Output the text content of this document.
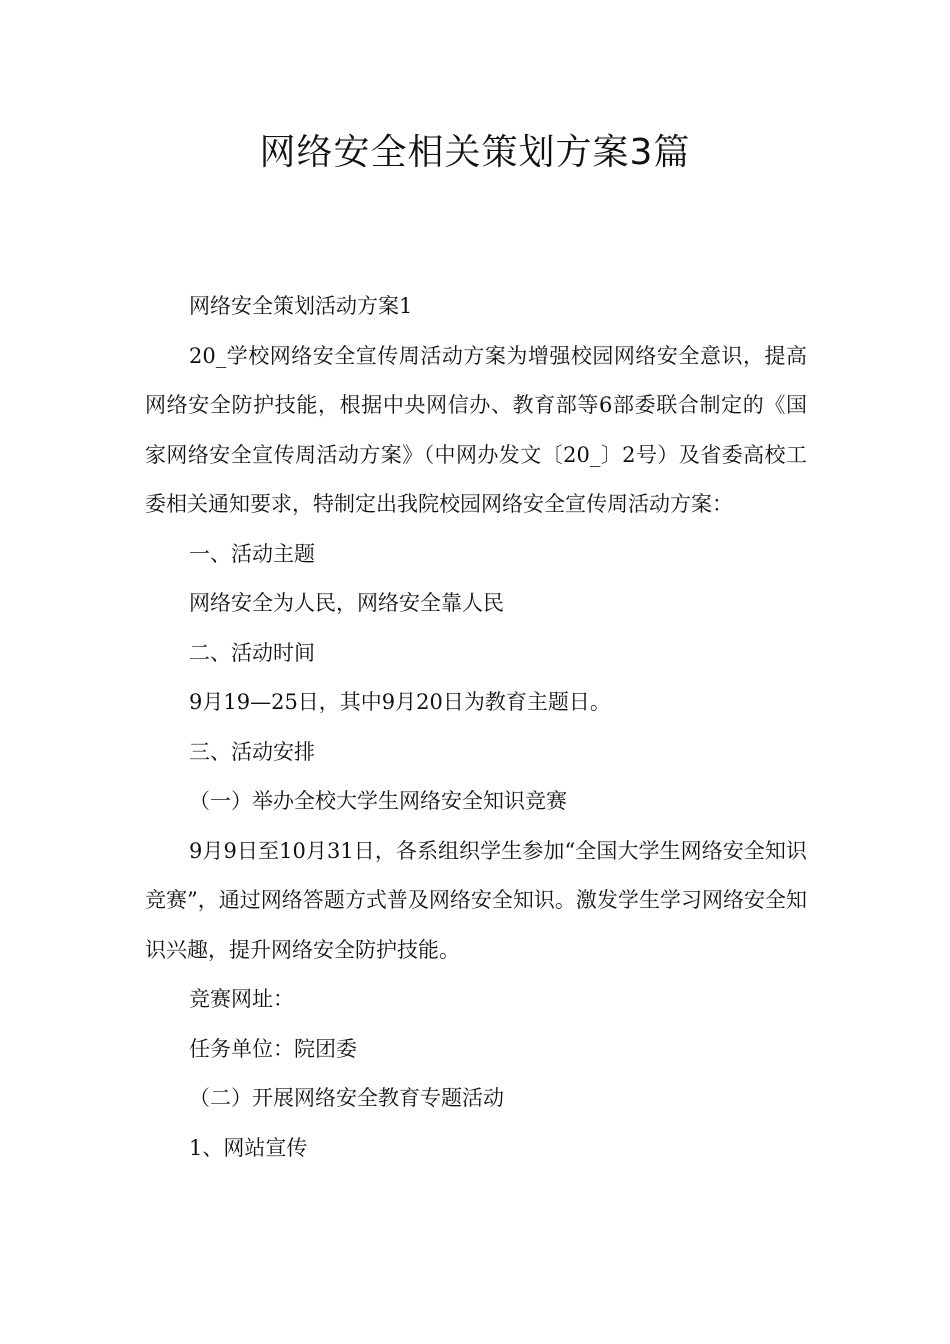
网络安全相关策划方案3篇

网络安全策划活动方案1

20_学校网络安全宣传周活动方案为增强校园网络安全意识，提高网络安全防护技能，根据中央网信办、教育部等6部委联合制定的《国家网络安全宣传周活动方案》（中网办发文〔20_〕2号）及省委高校工委相关通知要求，特制定出我院校园网络安全宣传周活动方案：

一、活动主题

网络安全为人民，网络安全靠人民

二、活动时间

9月19—25日，其中9月20日为教育主题日。

三、活动安排

（一）举办全校大学生网络安全知识竞赛

9月9日至10月31日，各系组织学生参加“全国大学生网络安全知识竞赛”，通过网络答题方式普及网络安全知识。激发学生学习网络安全知识兴趣，提升网络安全防护技能。

竞赛网址：

任务单位：院团委

（二）开展网络安全教育专题活动

1、网站宣传
